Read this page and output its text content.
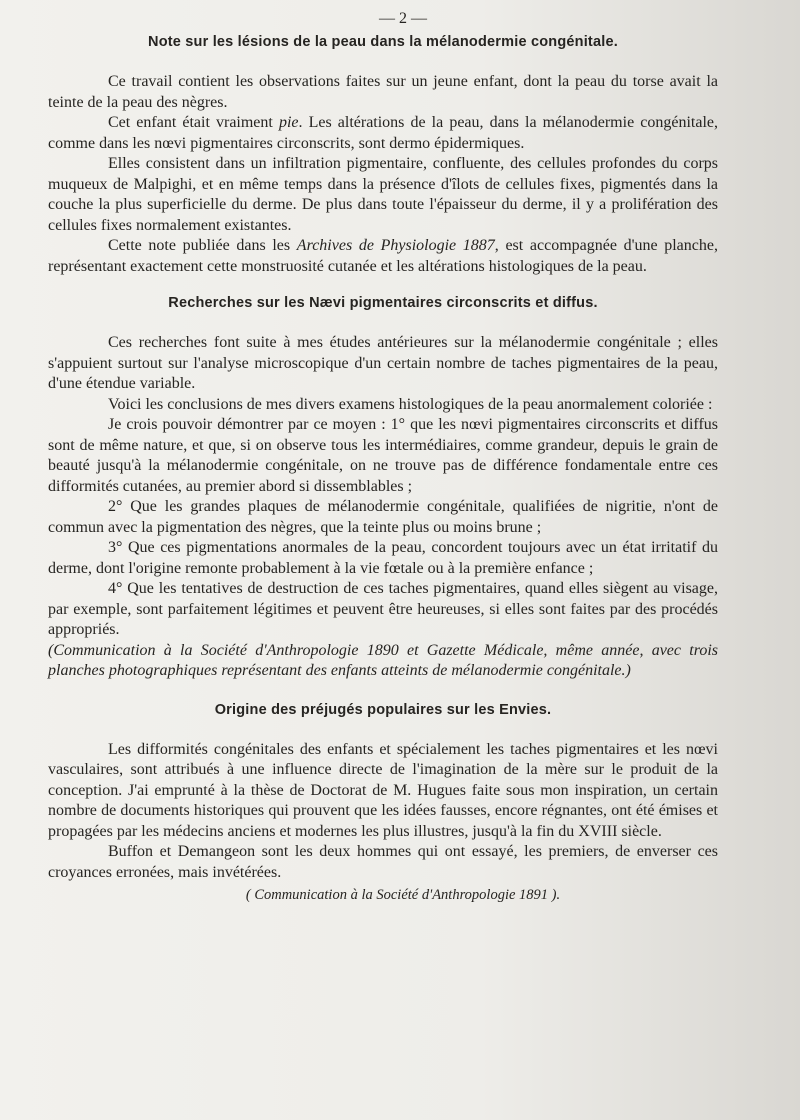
— 2 —
Note sur les lésions de la peau dans la mélanodermie congénitale.

Ce travail contient les observations faites sur un jeune enfant, dont la peau du torse avait la teinte de la peau des nègres.

Cet enfant était vraiment pie. Les altérations de la peau, dans la mélanodermie congénitale, comme dans les nœvi pigmentaires circonscrits, sont dermo épidermiques.

Elles consistent dans un infiltration pigmentaire, confluente, des cellules profondes du corps muqueux de Malpighi, et en même temps dans la présence d'îlots de cellules fixes, pigmentés dans la couche la plus superficielle du derme. De plus dans toute l'épaisseur du derme, il y a prolifération des cellules fixes normalement existantes.

Cette note publiée dans les Archives de Physiologie 1887, est accompagnée d'une planche, représentant exactement cette monstruosité cutanée et les altérations histologiques de la peau.

Recherches sur les Nævi pigmentaires circonscrits et diffus.

Ces recherches font suite à mes études antérieures sur la mélanodermie congénitale ; elles s'appuient surtout sur l'analyse microscopique d'un certain nombre de taches pigmentaires de la peau, d'une étendue variable.

Voici les conclusions de mes divers examens histologiques de la peau anormalement coloriée :

Je crois pouvoir démontrer par ce moyen : 1° que les nœvi pigmentaires circonscrits et diffus sont de même nature, et que, si on observe tous les intermédiaires, comme grandeur, depuis le grain de beauté jusqu'à la mélanodermie congénitale, on ne trouve pas de différence fondamentale entre ces difformités cutanées, au premier abord si dissemblables ;

2° Que les grandes plaques de mélanodermie congénitale, qualifiées de nigritie, n'ont de commun avec la pigmentation des nègres, que la teinte plus ou moins brune ;

3° Que ces pigmentations anormales de la peau, concordent toujours avec un état irritatif du derme, dont l'origine remonte probablement à la vie fœtale ou à la première enfance ;

4° Que les tentatives de destruction de ces taches pigmentaires, quand elles siègent au visage, par exemple, sont parfaitement légitimes et peuvent être heureuses, si elles sont faites par des procédés appropriés.

(Communication à la Société d'Anthropologie 1890 et Gazette Médicale, même année, avec trois planches photographiques représentant des enfants atteints de mélanodermie congénitale.)

Origine des préjugés populaires sur les Envies.

Les difformités congénitales des enfants et spécialement les taches pigmentaires et les nœvi vasculaires, sont attribués à une influence directe de l'imagination de la mère sur le produit de la conception. J'ai emprunté à la thèse de Doctorat de M. Hugues faite sous mon inspiration, un certain nombre de documents historiques qui prouvent que les idées fausses, encore régnantes, ont été émises et propagées par les médecins anciens et modernes les plus illustres, jusqu'à la fin du XVIII siècle.

Buffon et Demangeon sont les deux hommes qui ont essayé, les premiers, de enverser ces croyances erronées, mais invétérées.

( Communication à la Société d'Anthropologie 1891 ).
